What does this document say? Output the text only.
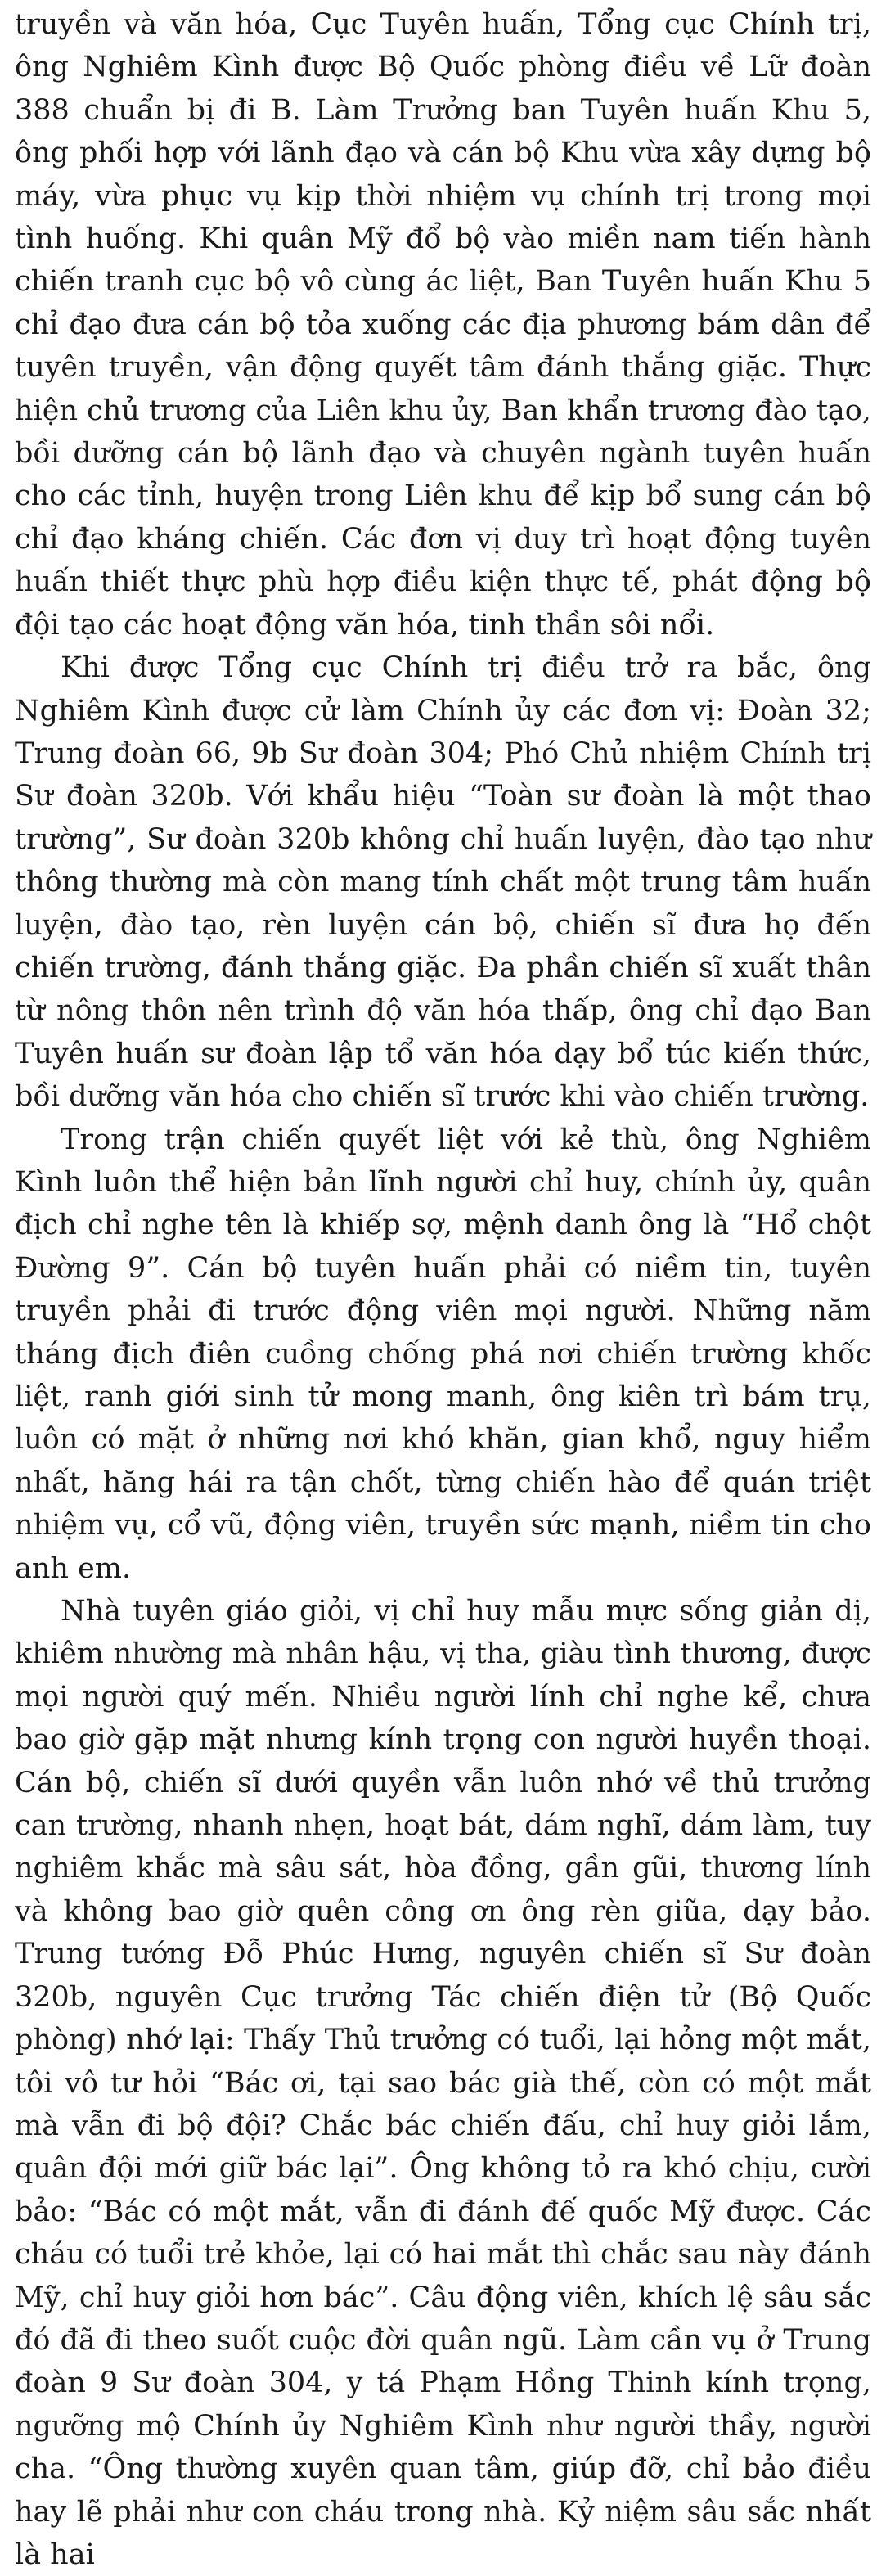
truyền và văn hóa, Cục Tuyên huấn, Tổng cục Chính trị, ông Nghiêm Kình được Bộ Quốc phòng điều về Lữ đoàn 388 chuẩn bị đi B. Làm Trưởng ban Tuyên huấn Khu 5, ông phối hợp với lãnh đạo và cán bộ Khu vừa xây dựng bộ máy, vừa phục vụ kịp thời nhiệm vụ chính trị trong mọi tình huống. Khi quân Mỹ đổ bộ vào miền nam tiến hành chiến tranh cục bộ vô cùng ác liệt, Ban Tuyên huấn Khu 5 chỉ đạo đưa cán bộ tỏa xuống các địa phương bám dân để tuyên truyền, vận động quyết tâm đánh thắng giặc. Thực hiện chủ trương của Liên khu ủy, Ban khẩn trương đào tạo, bồi dưỡng cán bộ lãnh đạo và chuyên ngành tuyên huấn cho các tỉnh, huyện trong Liên khu để kịp bổ sung cán bộ chỉ đạo kháng chiến. Các đơn vị duy trì hoạt động tuyên huấn thiết thực phù hợp điều kiện thực tế, phát động bộ đội tạo các hoạt động văn hóa, tinh thần sôi nổi.

Khi được Tổng cục Chính trị điều trở ra bắc, ông Nghiêm Kình được cử làm Chính ủy các đơn vị: Đoàn 32; Trung đoàn 66, 9b Sư đoàn 304; Phó Chủ nhiệm Chính trị Sư đoàn 320b. Với khẩu hiệu “Toàn sư đoàn là một thao trường”, Sư đoàn 320b không chỉ huấn luyện, đào tạo như thông thường mà còn mang tính chất một trung tâm huấn luyện, đào tạo, rèn luyện cán bộ, chiến sĩ đưa họ đến chiến trường, đánh thắng giặc. Đa phần chiến sĩ xuất thân từ nông thôn nên trình độ văn hóa thấp, ông chỉ đạo Ban Tuyên huấn sư đoàn lập tổ văn hóa dạy bổ túc kiến thức, bồi dưỡng văn hóa cho chiến sĩ trước khi vào chiến trường.

Trong trận chiến quyết liệt với kẻ thù, ông Nghiêm Kình luôn thể hiện bản lĩnh người chỉ huy, chính ủy, quân địch chỉ nghe tên là khiếp sợ, mệnh danh ông là “Hổ chột Đường 9”. Cán bộ tuyên huấn phải có niềm tin, tuyên truyền phải đi trước động viên mọi người. Những năm tháng địch điên cuồng chống phá nơi chiến trường khốc liệt, ranh giới sinh tử mong manh, ông kiên trì bám trụ, luôn có mặt ở những nơi khó khăn, gian khổ, nguy hiểm nhất, hăng hái ra tận chốt, từng chiến hào để quán triệt nhiệm vụ, cổ vũ, động viên, truyền sức mạnh, niềm tin cho anh em.

Nhà tuyên giáo giỏi, vị chỉ huy mẫu mực sống giản dị, khiêm nhường mà nhân hậu, vị tha, giàu tình thương, được mọi người quý mến. Nhiều người lính chỉ nghe kể, chưa bao giờ gặp mặt nhưng kính trọng con người huyền thoại. Cán bộ, chiến sĩ dưới quyền vẫn luôn nhớ về thủ trưởng can trường, nhanh nhẹn, hoạt bát, dám nghĩ, dám làm, tuy nghiêm khắc mà sâu sát, hòa đồng, gần gũi, thương lính và không bao giờ quên công ơn ông rèn giũa, dạy bảo. Trung tướng Đỗ Phúc Hưng, nguyên chiến sĩ Sư đoàn 320b, nguyên Cục trưởng Tác chiến điện tử (Bộ Quốc phòng) nhớ lại: Thấy Thủ trưởng có tuổi, lại hỏng một mắt, tôi vô tư hỏi “Bác ơi, tại sao bác già thế, còn có một mắt mà vẫn đi bộ đội? Chắc bác chiến đấu, chỉ huy giỏi lắm, quân đội mới giữ bác lại”. Ông không tỏ ra khó chịu, cười bảo: “Bác có một mắt, vẫn đi đánh đế quốc Mỹ được. Các cháu có tuổi trẻ khỏe, lại có hai mắt thì chắc sau này đánh Mỹ, chỉ huy giỏi hơn bác”. Câu động viên, khích lệ sâu sắc đó đã đi theo suốt cuộc đời quân ngũ. Làm cần vụ ở Trung đoàn 9 Sư đoàn 304, y tá Phạm Hồng Thinh kính trọng, ngưỡng mộ Chính ủy Nghiêm Kình như người thầy, người cha. “Ông thường xuyên quan tâm, giúp đỡ, chỉ bảo điều hay lẽ phải như con cháu trong nhà. Kỷ niệm sâu sắc nhất là hai
